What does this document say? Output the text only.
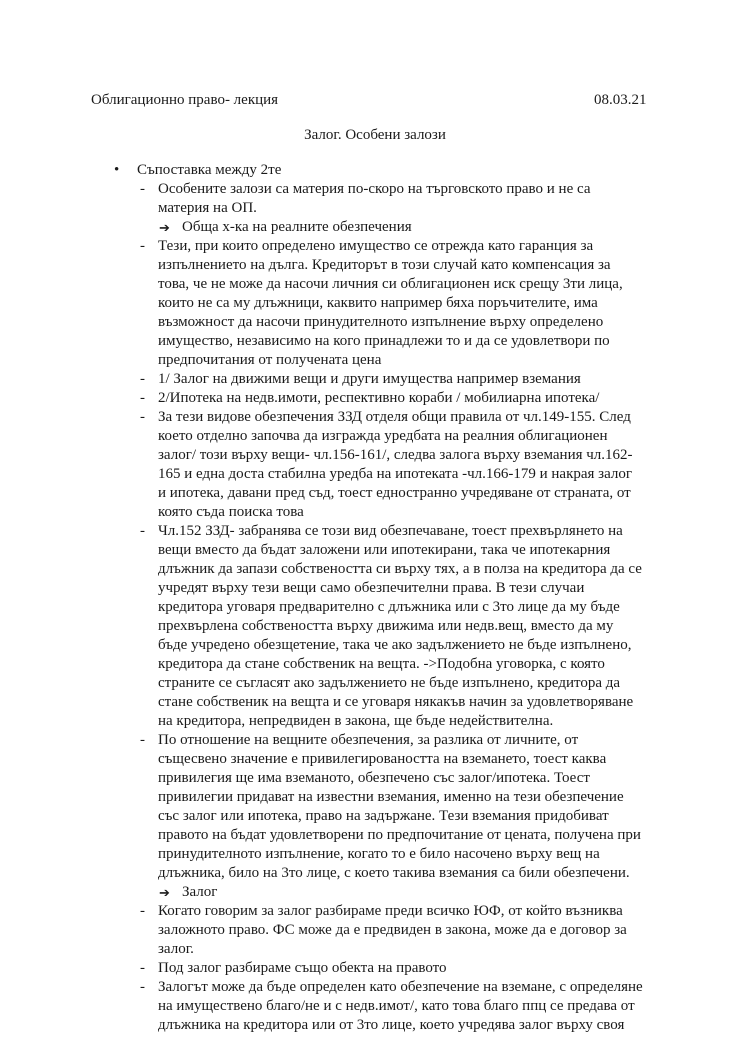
Облигационно право- лекция	08.03.21
Залог. Особени залози
• Съпоставка между 2те
- Особените залози са материя по-скоро на търговското право и не са материя на ОП.
➔ Обща х-ка на реалните обезпечения
- Тези, при които определено имущество се отрежда като гаранция за изпълнението на дълга. Кредиторът в този случай като компенсация за това, че не може да насочи личния си облигационен иск срещу 3ти лица, които не са му длъжници, каквито например бяха поръчителите, има възможност да насочи принудителното изпълнение върху определено имущество, независимо на кого принадлежи то и да се удовлетвори по предпочитания от получената цена
- 1/ Залог на движими вещи и други имущества например вземания
- 2/Ипотека на недв.имоти, респективно кораби / мобилиарна ипотека/
- За тези видове обезпечения ЗЗД отделя общи правила от чл.149-155. След което отделно започва да изгражда уредбата на реалния облигационен залог/ този върху вещи- чл.156-161/, следва залога върху вземания чл.162-165 и една доста стабилна уредба на ипотеката -чл.166-179 и накрая залог и ипотека, давани пред съд, тоест едностранно учредяване от страната, от която съда поиска това
- Чл.152 ЗЗД- забранява се този вид обезпечаване, тоест прехвърлянето на вещи вместо да бъдат заложени или ипотекирани, така че ипотекарния длъжник да запази собствеността си върху тях, а в полза на кредитора да се учредят върху тези вещи само обезпечителни права. В тези случаи кредитора уговаря предварително с длъжника или с 3то лице да му бъде прехвърлена собствеността върху движима или недв.вещ, вместо да му бъде учредено обезщетение, така че ако задължението не бъде изпълнено, кредитора да стане собственик на вещта. ->Подобна уговорка, с която страните се съгласят ако задължението не бъде изпълнено, кредитора да стане собственик на вещта и се уговаря някакъв начин за удовлетворяване на кредитора, непредвиден в закона, ще бъде недействителна.
- По отношение на вещните обезпечения, за разлика от личните, от същесвено значение е привилегироваността на вземането, тоест каква привилегия ще има вземаното, обезпечено със залог/ипотека. Тоест привилегии придават на известни вземания, именно на тези обезпечение със залог или ипотека, право на задържане. Тези вземания придобиват правото на бъдат удовлетворени по предпочитание от цената, получена при принудителното изпълнение, когато то е било насочено върху вещ на длъжника, било на 3то лице, с което такива вземания са били обезпечени.
➔ Залог
- Когато говорим за залог разбираме преди всичко ЮФ, от който възниква заложното право. ФС може да е предвиден в закона, може да е договор за залог.
- Под залог разбираме също обекта на правото
- Залогът може да бъде определен като обезпечение на вземане, с определяне на имуществено благо/не и с недв.имот/, като това благо ппц се предава от длъжника на кредитора или от 3то лице, което учредява залог върху своя
